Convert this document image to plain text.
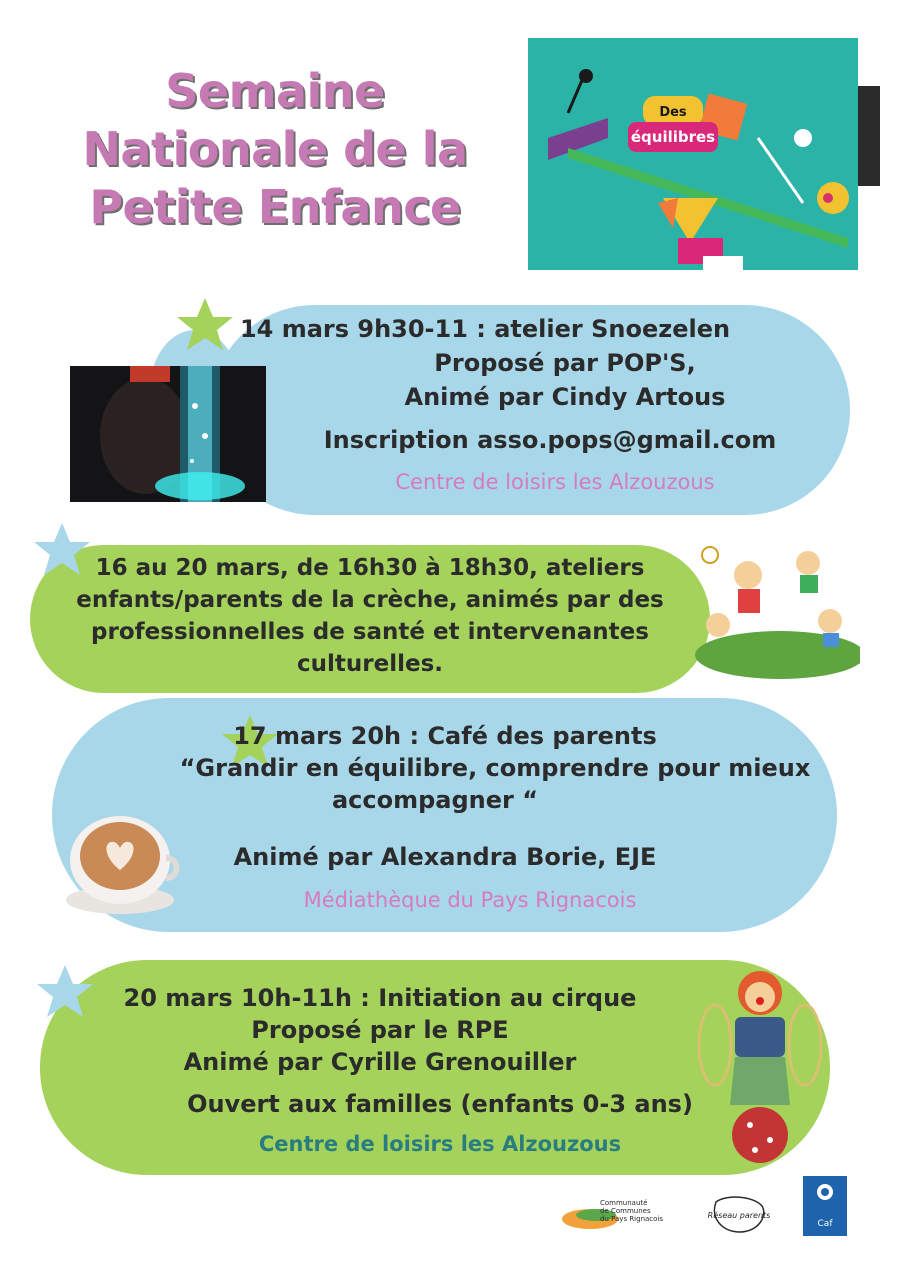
Semaine
Nationale de la
Petite Enfance
Des
équilibres
14 mars 9h30-11 : atelier Snoezelen
Proposé par POP'S,
Animé par Cindy Artous
Inscription asso.pops@gmail.com
Centre de loisirs les Alzouzous
16 au 20 mars, de 16h30 à 18h30, ateliers
enfants/parents de la crèche, animés par des
professionnelles de santé et intervenantes
culturelles.
17 mars 20h : Café des parents
“Grandir en équilibre, comprendre pour mieux
accompagner “
Animé par Alexandra Borie, EJE
Médiathèque du Pays Rignacois
20 mars 10h-11h : Initiation au cirque
Proposé par le RPE
Animé par Cyrille Grenouiller
Ouvert aux familles (enfants 0-3 ans)
Centre de loisirs les Alzouzous
Communauté
de Communes
du Pays Rignacois	Réseau parents
Caf
